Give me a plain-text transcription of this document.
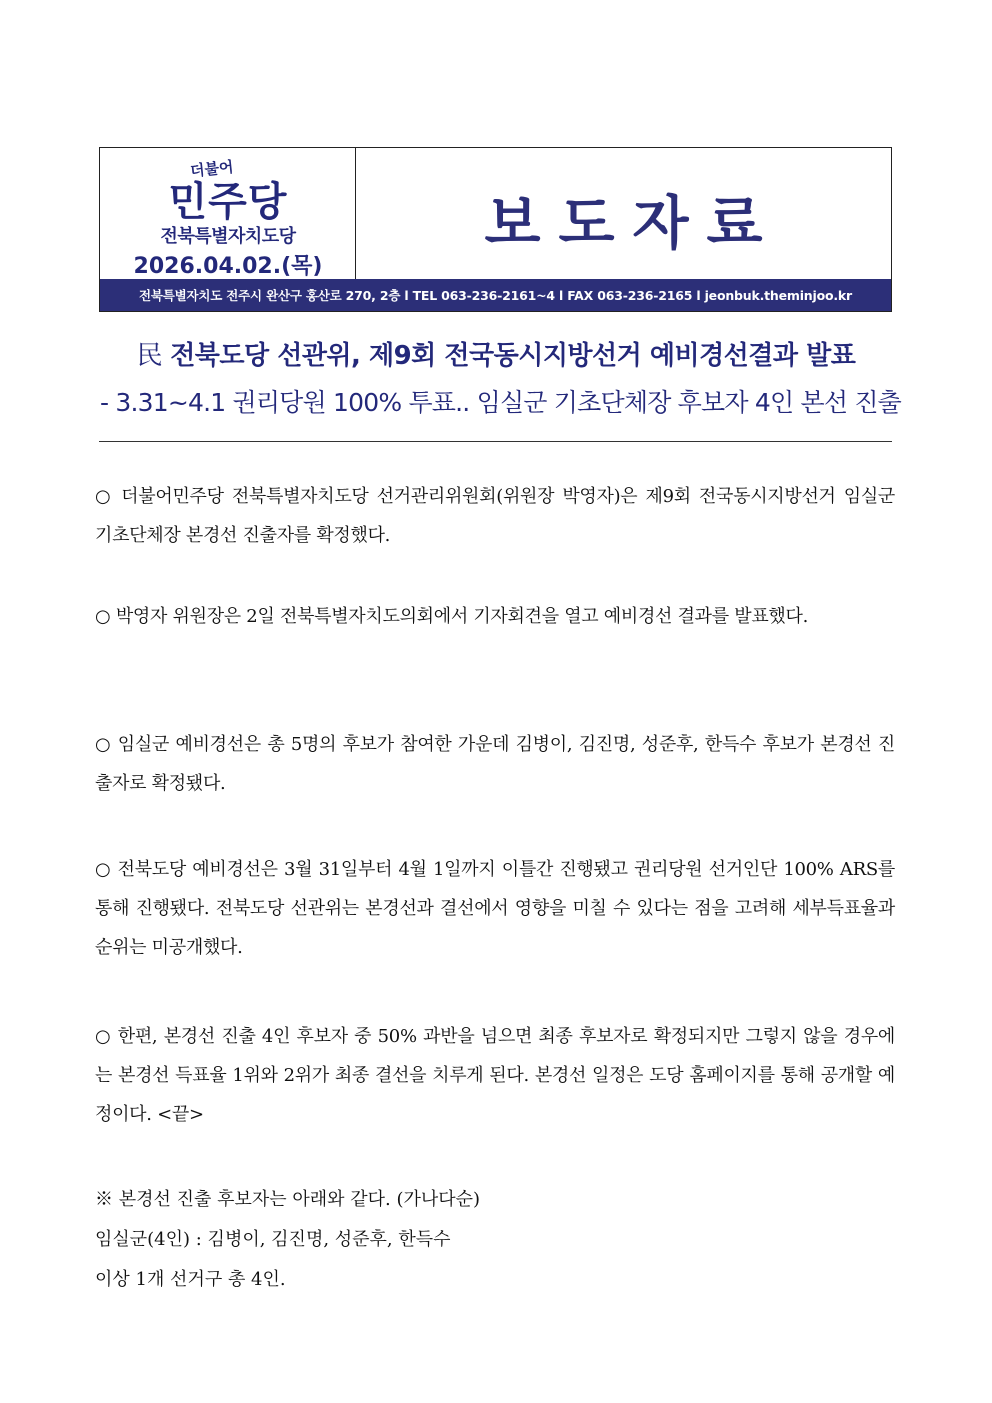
더불어
민주당
전북특별자치도당
2026.04.02.(목)
보도자료
전북특별자치도 전주시 완산구 홍산로 270, 2층 l TEL 063-236-2161~4 l FAX 063-236-2165 l jeonbuk.theminjoo.kr
民 전북도당 선관위, 제9회 전국동시지방선거 예비경선결과 발표
- 3.31~4.1 권리당원 100% 투표.. 임실군 기초단체장 후보자 4인 본선 진출
○ 더불어민주당 전북특별자치도당 선거관리위원회(위원장 박영자)은 제9회 전국동시지방선거 임실군 기초단체장 본경선 진출자를 확정했다.
○ 박영자 위원장은 2일 전북특별자치도의회에서 기자회견을 열고 예비경선 결과를 발표했다.
○ 임실군 예비경선은 총 5명의 후보가 참여한 가운데 김병이, 김진명, 성준후, 한득수 후보가 본경선 진출자로 확정됐다.
○ 전북도당 예비경선은 3월 31일부터 4월 1일까지 이틀간 진행됐고 권리당원 선거인단 100% ARS를 통해 진행됐다. 전북도당 선관위는 본경선과 결선에서 영향을 미칠 수 있다는 점을 고려해 세부득표율과 순위는 미공개했다.
○ 한편, 본경선 진출 4인 후보자 중 50% 과반을 넘으면 최종 후보자로 확정되지만 그렇지 않을 경우에는 본경선 득표율 1위와 2위가 최종 결선을 치루게 된다. 본경선 일정은 도당 홈페이지를 통해 공개할 예정이다. <끝>
※ 본경선 진출 후보자는 아래와 같다. (가나다순)
임실군(4인) : 김병이, 김진명, 성준후, 한득수
이상 1개 선거구 총 4인.
